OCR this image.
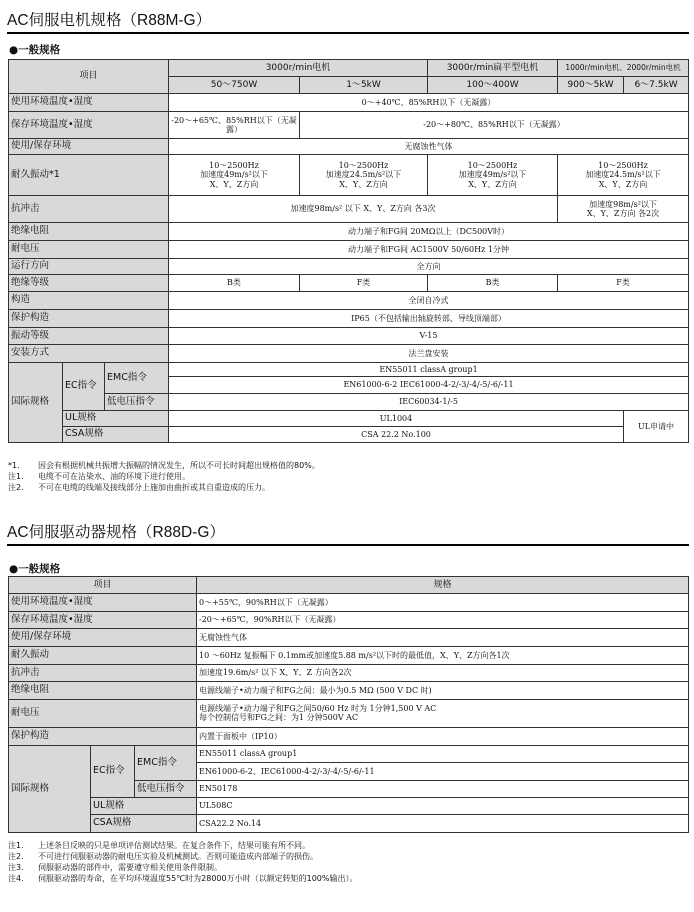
AC伺服电机规格（R88M-G）
●一般规格
项目			3000r/min电机		3000r/min扁平型电机	1000r/min电机、2000r/min电机	
			50～750W	1～5kW	100～400W	900～5kW	6～7.5kW
使用环境温度•湿度			0～+40℃、85%RH以下（无凝露）				
保存环境温度•湿度			-20～+65℃、85%RH以下（无凝露）	-20～+80℃、85%RH以下（无凝露）			
使用/保存环境			无腐蚀性气体				
耐久振动*1			10～2500Hz
加速度49m/s²以下
X、Y、Z方向	10～2500Hz
加速度24.5m/s²以下
X、Y、Z方向	10～2500Hz
加速度49m/s²以下
X、Y、Z方向	10～2500Hz
加速度24.5m/s²以下
X、Y、Z方向	
抗冲击			加速度98m/s² 以下 X、Y、Z方向 各3次			加速度98m/s²以下
X、Y、Z方向 各2次	
绝缘电阻			动力端子和FG间 20MΩ以上（DC500V时）				
耐电压			动力端子和FG间 AC1500V 50/60Hz 1分钟				
运行方向			全方向				
绝缘等级			B类	F类	B类	F类	
构造			全闭自冷式				
保护构造			IP65（不包括输出轴旋转部、导线顶端部）				
振动等级			V-15				
安装方式			法兰盘安装				
国际规格	EC指令	EMC指令	EN55011 classA group1				
			EN61000-6-2 IEC61000-4-2/-3/-4/-5/-6/-11				
		低电压指令	IEC60034-1/-5				
	UL规格		UL1004				UL申请中
	CSA规格		CSA 22.2 No.100				
*1. 因会有根据机械共振增大振幅的情况发生，所以不可长时间超出规格值的80%。
注1. 电缆不可在沾染水、油的环境下进行使用。
注2. 不可在电缆的线端及接线部分上施加由曲折或其自重造成的压力。
AC伺服驱动器规格（R88D-G）
●一般规格
项目			规格
使用环境温度•湿度			0～+55℃，90%RH以下（无凝露）
保存环境温度•湿度			-20～+65℃，90%RH以下（无凝露）
使用/保存环境			无腐蚀性气体
耐久振动			10 ～60Hz 复振幅下 0.1mm或加速度5.88 m/s²以下时的最低值，X、Y、Z方向各1次
抗冲击			加速度19.6m/s² 以下 X、Y、Z 方向各2次
绝缘电阻			电源线端子•动力端子和FG之间：最小为0.5 MΩ (500 V DC 时)
耐电压			电源线端子•动力端子和FG之间50/60 Hz 时为 1分钟1,500 V AC
每个控制信号和FG之间：为1 分钟500V AC
保护构造			内置于面板中（IP10）
国际规格	EC指令	EMC指令	EN55011 classA group1
			EN61000-6-2、IEC61000-4-2/-3/-4/-5/-6/-11
		低电压指令	EN50178
	UL规格		UL508C
	CSA规格		CSA22.2 No.14
注1. 上述条目反映的只是单项评估测试结果。在复合条件下，结果可能有所不同。
注2. 不可进行伺服驱动器的耐电压实验及机械测试。否则可能造成内部端子的损伤。
注3. 伺服驱动器的部件中，需要遵守相关使用条件限制。
注4. 伺服驱动器的寿命，在平均环境温度55℃时为28000万小时（以额定转矩的100%输出）。
